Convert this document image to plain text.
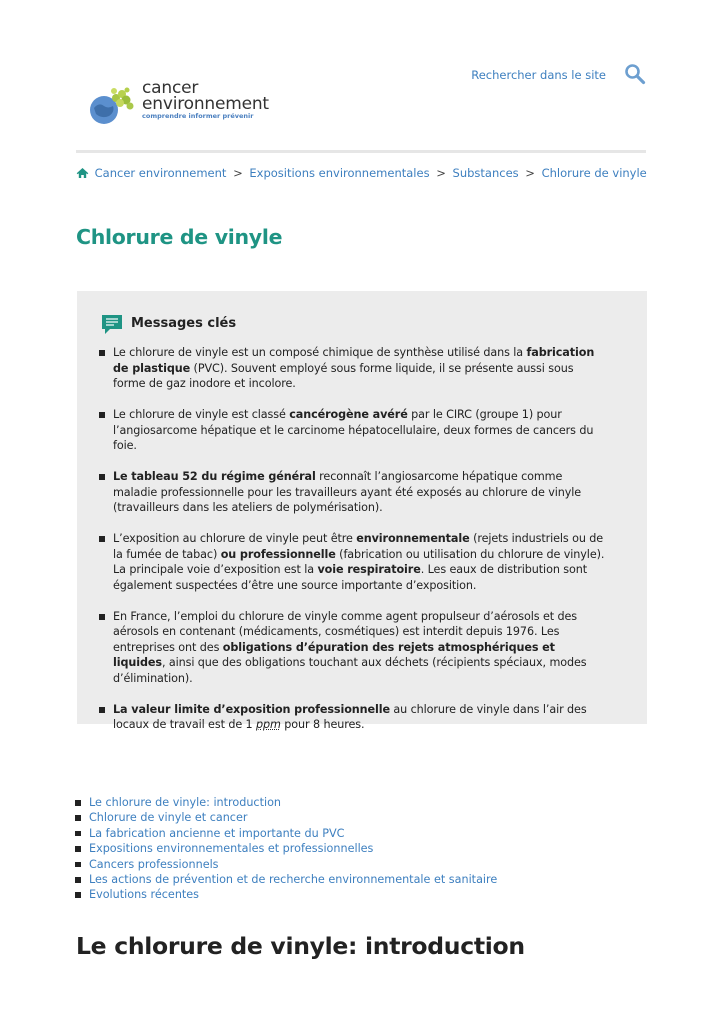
cancer
environnement
comprendre informer prévenir
Rechercher dans le site
Cancer environnement > Expositions environnementales > Substances > Chlorure de vinyle
Chlorure de vinyle
Messages clés
Le chlorure de vinyle est un composé chimique de synthèse utilisé dans la fabrication de plastique (PVC). Souvent employé sous forme liquide, il se présente aussi sous forme de gaz inodore et incolore.
Le chlorure de vinyle est classé cancérogène avéré par le CIRC (groupe 1) pour l’angiosarcome hépatique et le carcinome hépatocellulaire, deux formes de cancers du foie.
Le tableau 52 du régime général reconnaît l’angiosarcome hépatique comme maladie professionnelle pour les travailleurs ayant été exposés au chlorure de vinyle (travailleurs dans les ateliers de polymérisation).
L’exposition au chlorure de vinyle peut être environnementale (rejets industriels ou de la fumée de tabac) ou professionnelle (fabrication ou utilisation du chlorure de vinyle). La principale voie d’exposition est la voie respiratoire. Les eaux de distribution sont également suspectées d’être une source importante d’exposition.
En France, l’emploi du chlorure de vinyle comme agent propulseur d’aérosols et des aérosols en contenant (médicaments, cosmétiques) est interdit depuis 1976. Les entreprises ont des obligations d’épuration des rejets atmosphériques et liquides, ainsi que des obligations touchant aux déchets (récipients spéciaux, modes d’élimination).
La valeur limite d’exposition professionnelle au chlorure de vinyle dans l’air des locaux de travail est de 1 ppm pour 8 heures.
Le chlorure de vinyle: introduction
Chlorure de vinyle et cancer
La fabrication ancienne et importante du PVC
Expositions environnementales et professionnelles
Cancers professionnels
Les actions de prévention et de recherche environnementale et sanitaire
Evolutions récentes
Le chlorure de vinyle: introduction
